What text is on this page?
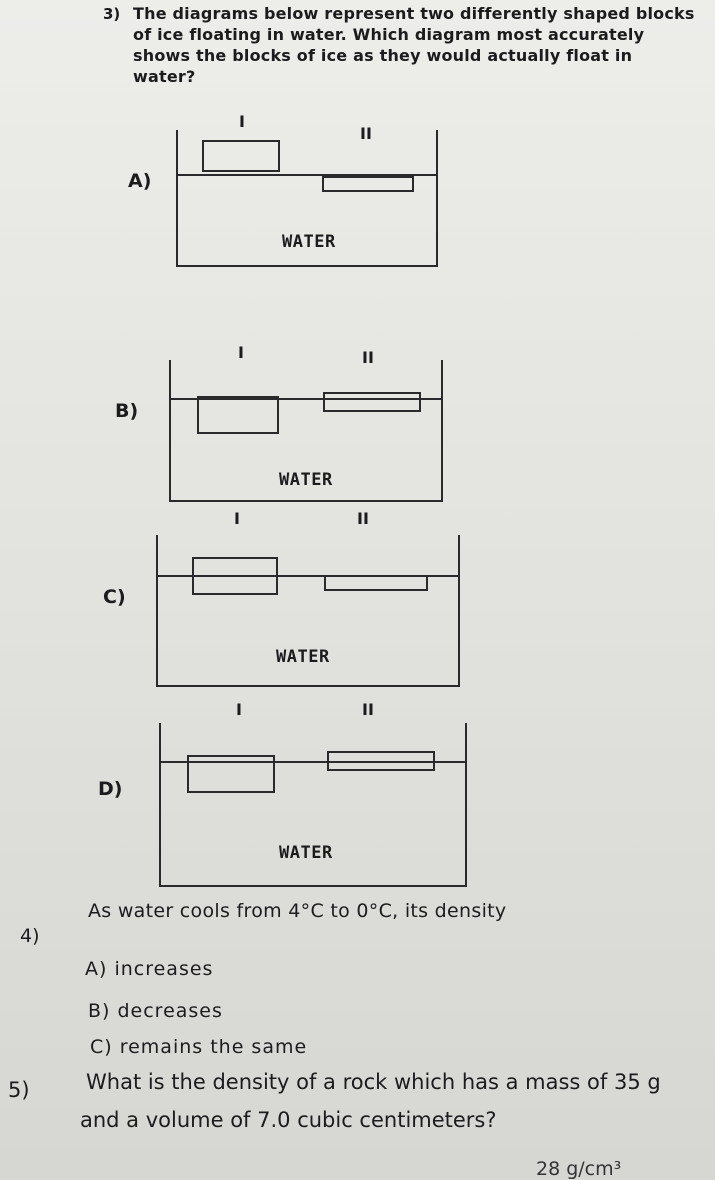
3) The diagrams below represent two differently shaped blocks
of ice floating in water. Which diagram most accurately
shows the blocks of ice as they would actually float in
water?
A)
I
II
WATER
B)
I	II
WATER
C)
I	II
WATER
D)
I	II
WATER
4)
As water cools from 4°C to 0°C, its density
A) increases
B) decreases
C) remains the same
5)	What is the density of a rock which has a mass of 35 g
and a volume of 7.0 cubic centimeters?
28 g/cm³
